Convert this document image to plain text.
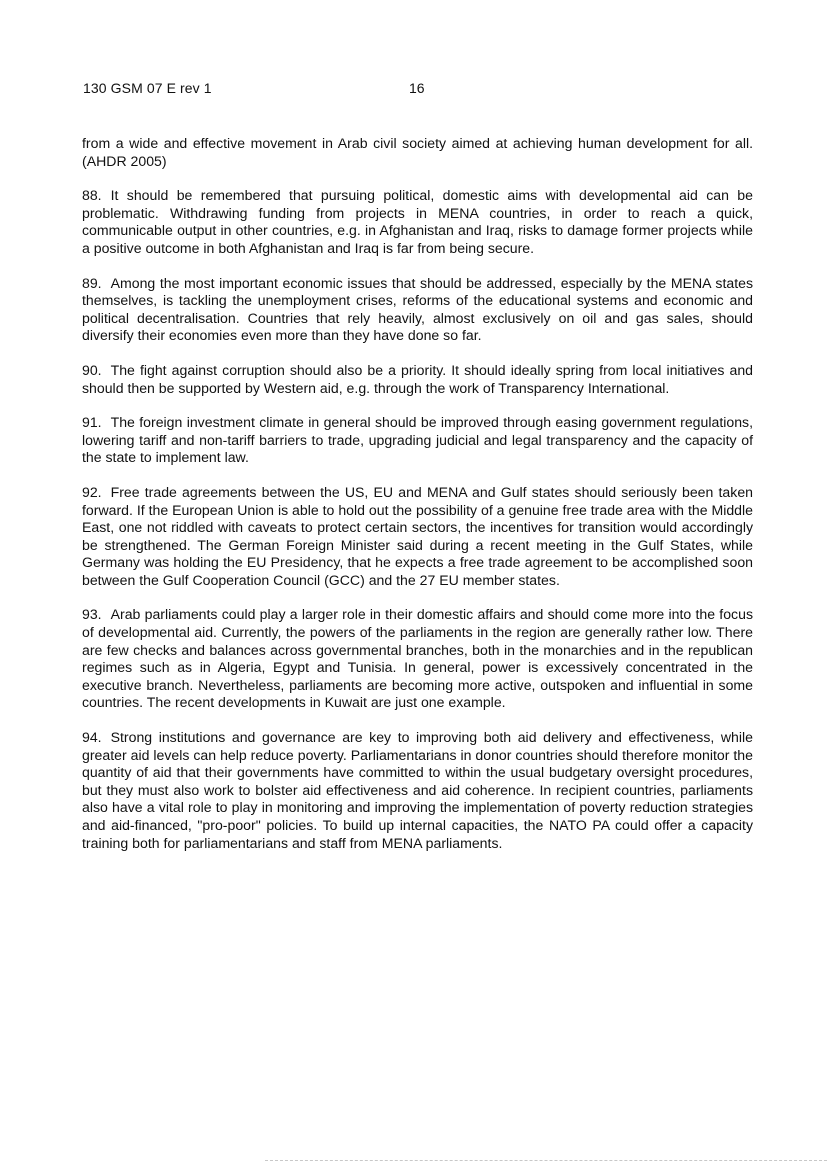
130 GSM 07 E rev 1	16

from a wide and effective movement in Arab civil society aimed at achieving human development for all. (AHDR 2005)

88. It should be remembered that pursuing political, domestic aims with developmental aid can be problematic. Withdrawing funding from projects in MENA countries, in order to reach a quick, communicable output in other countries, e.g. in Afghanistan and Iraq, risks to damage former projects while a positive outcome in both Afghanistan and Iraq is far from being secure.

89. Among the most important economic issues that should be addressed, especially by the MENA states themselves, is tackling the unemployment crises, reforms of the educational systems and economic and political decentralisation. Countries that rely heavily, almost exclusively on oil and gas sales, should diversify their economies even more than they have done so far.

90. The fight against corruption should also be a priority. It should ideally spring from local initiatives and should then be supported by Western aid, e.g. through the work of Transparency International.

91. The foreign investment climate in general should be improved through easing government regulations, lowering tariff and non-tariff barriers to trade, upgrading judicial and legal transparency and the capacity of the state to implement law.

92. Free trade agreements between the US, EU and MENA and Gulf states should seriously been taken forward. If the European Union is able to hold out the possibility of a genuine free trade area with the Middle East, one not riddled with caveats to protect certain sectors, the incentives for transition would accordingly be strengthened. The German Foreign Minister said during a recent meeting in the Gulf States, while Germany was holding the EU Presidency, that he expects a free trade agreement to be accomplished soon between the Gulf Cooperation Council (GCC) and the 27 EU member states.

93. Arab parliaments could play a larger role in their domestic affairs and should come more into the focus of developmental aid. Currently, the powers of the parliaments in the region are generally rather low. There are few checks and balances across governmental branches, both in the monarchies and in the republican regimes such as in Algeria, Egypt and Tunisia. In general, power is excessively concentrated in the executive branch. Nevertheless, parliaments are becoming more active, outspoken and influential in some countries. The recent developments in Kuwait are just one example.

94. Strong institutions and governance are key to improving both aid delivery and effectiveness, while greater aid levels can help reduce poverty. Parliamentarians in donor countries should therefore monitor the quantity of aid that their governments have committed to within the usual budgetary oversight procedures, but they must also work to bolster aid effectiveness and aid coherence. In recipient countries, parliaments also have a vital role to play in monitoring and improving the implementation of poverty reduction strategies and aid-financed, "pro-poor" policies. To build up internal capacities, the NATO PA could offer a capacity training both for parliamentarians and staff from MENA parliaments.
